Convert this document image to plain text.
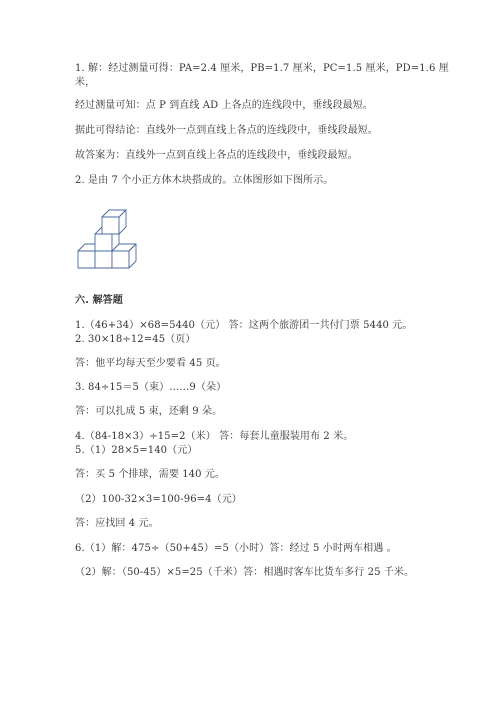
1. 解：经过测量可得：PA=2.4 厘米，PB=1.7 厘米，PC=1.5 厘米，PD=1.6 厘
米，
经过测量可知：点 P 到直线 AD 上各点的连线段中，垂线段最短。
据此可得结论：直线外一点到直线上各点的连线段中，垂线段最短。
故答案为：直线外一点到直线上各点的连线段中，垂线段最短。
2. 是由 7 个小正方体木块搭成的。立体图形如下图所示。
六. 解答题
1.（46+34）×68=5440（元） 答：这两个旅游团一共付门票 5440 元。
2. 30×18÷12=45（页）
答：他平均每天至少要看 45 页。
3. 84÷15＝5（束）……9（朵）
答：可以扎成 5 束，还剩 9 朵。
4.（84-18×3）÷15=2（米） 答：每套儿童服装用布 2 米。
5.（1）28×5=140（元）
答：买 5 个排球，需要 140 元。
（2）100-32×3=100-96=4（元）
答：应找回 4 元。
6.（1）解：475÷（50+45）=5（小时）答：经过 5 小时两车相遇 。
（2）解：（50-45）×5=25（千米）答：相遇时客车比货车多行 25 千米。
